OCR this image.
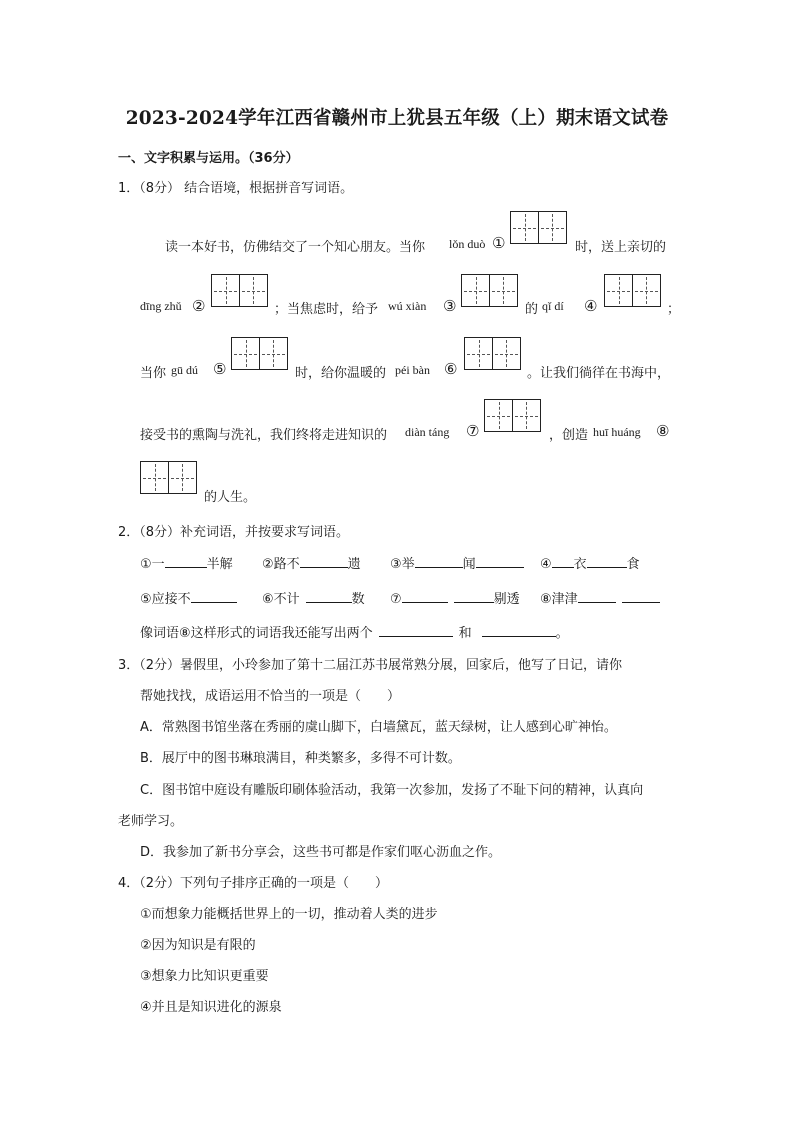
2023-2024学年江西省赣州市上犹县五年级（上）期末语文试卷
一、文字积累与运用。（36分）
1．（8分） 结合语境，根据拼音写词语。
读一本好书，仿佛结交了一个知心朋友。当你 lǒn duò ①	时，送上亲切的
dīng zhǔ ②	；当焦虑时，给予 wú xiàn ③	的 qǐ dí ④	；
当你 gū dú ⑤	时，给你温暖的 péi bàn ⑥	。让我们徜徉在书海中，
接受书的熏陶与洗礼，我们终将走进知识的 diàn táng ⑦	，创造 huī huáng ⑧
的人生。
2．（8分）补充词语，并按要求写词语。
①一	半解 ②路不	遗 ③举	闻	④ 衣	食
⑤应接不	⑥不计	数 ⑦	剔透 ⑧津津
像词语⑧这样形式的词语我还能写出两个	和	。
3．（2分）暑假里，小玲参加了第十二届江苏书展常熟分展，回家后，他写了日记，请你
帮她找找，成语运用不恰当的一项是（　　）
A．常熟图书馆坐落在秀丽的虞山脚下，白墙黛瓦，蓝天绿树，让人感到心旷神怡。
B．展厅中的图书琳琅满目，种类繁多，多得不可计数。
C．图书馆中庭设有雕版印刷体验活动，我第一次参加，发扬了不耻下问的精神，认真向
老师学习。
D．我参加了新书分享会，这些书可都是作家们呕心沥血之作。
4．（2分）下列句子排序正确的一项是（　　）
①而想象力能概括世界上的一切，推动着人类的进步
②因为知识是有限的
③想象力比知识更重要
④并且是知识进化的源泉
